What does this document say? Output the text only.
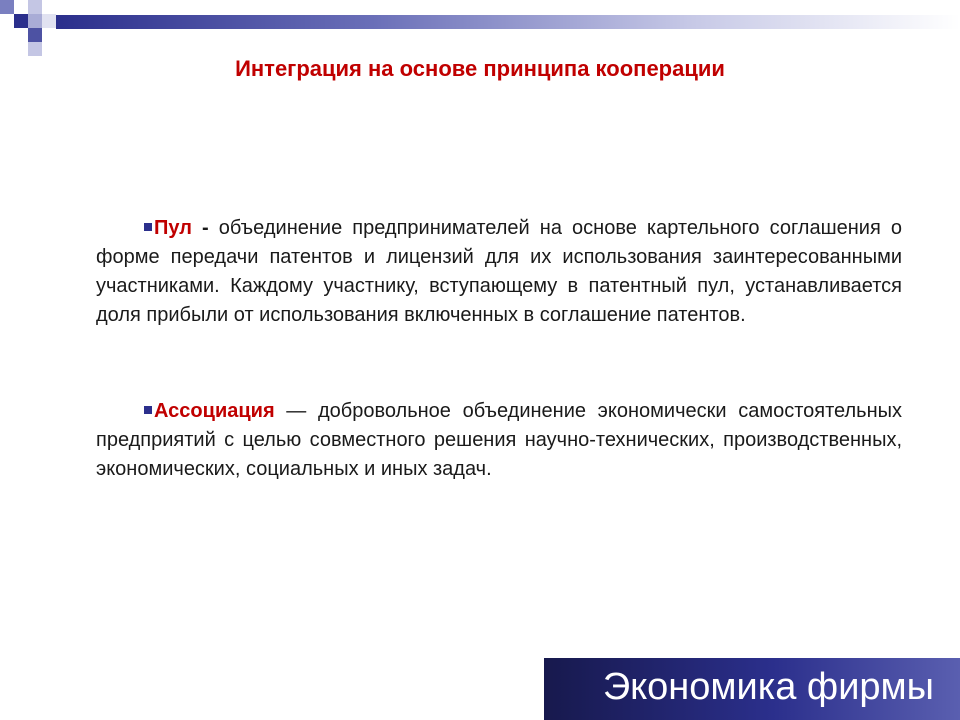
Интеграция на основе принципа кооперации
Пул - объединение предпринимателей на основе картельного соглашения о форме передачи патентов и лицензий для их использования заинтересованными участниками. Каждому участнику, вступающему в патентный пул, устанавливается доля прибыли от использования включенных в соглашение патентов.
Ассоциация — добровольное объединение экономически самостоятельных предприятий с целью совместного решения научно-технических, производственных, экономических, социальных и иных задач.
Экономика фирмы
